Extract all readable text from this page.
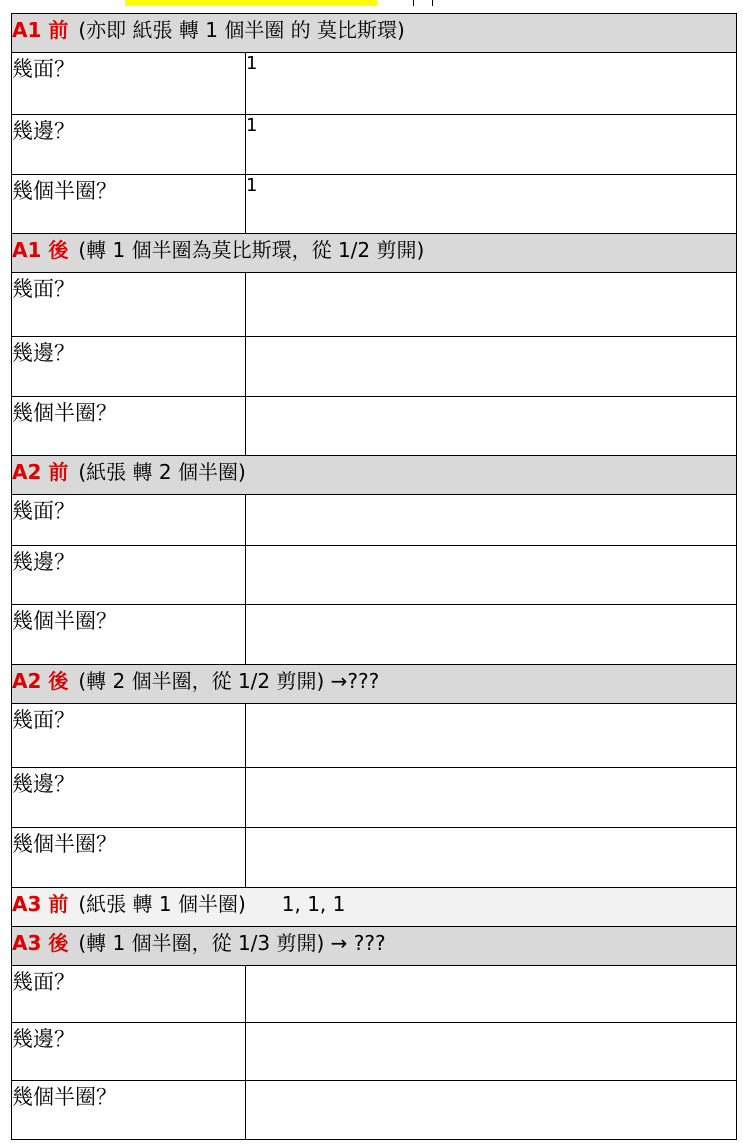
A1 前 (亦即 紙張 轉 1 個半圈 的 莫比斯環)	
幾面？	1
幾邊？	1
幾個半圈？	1
A1 後 (轉 1 個半圈為莫比斯環，從 1/2 剪開)	
幾面？	
幾邊？	
幾個半圈？	
A2 前 (紙張 轉 2 個半圈)	
幾面？	
幾邊？	
幾個半圈？	
A2 後 (轉 2 個半圈，從 1/2 剪開) →???	
幾面？	
幾邊？	
幾個半圈？	
A3 前 (紙張 轉 1 個半圈) 1, 1, 1	
A3 後 (轉 1 個半圈，從 1/3 剪開) → ???	
幾面？	
幾邊？	
幾個半圈？	
